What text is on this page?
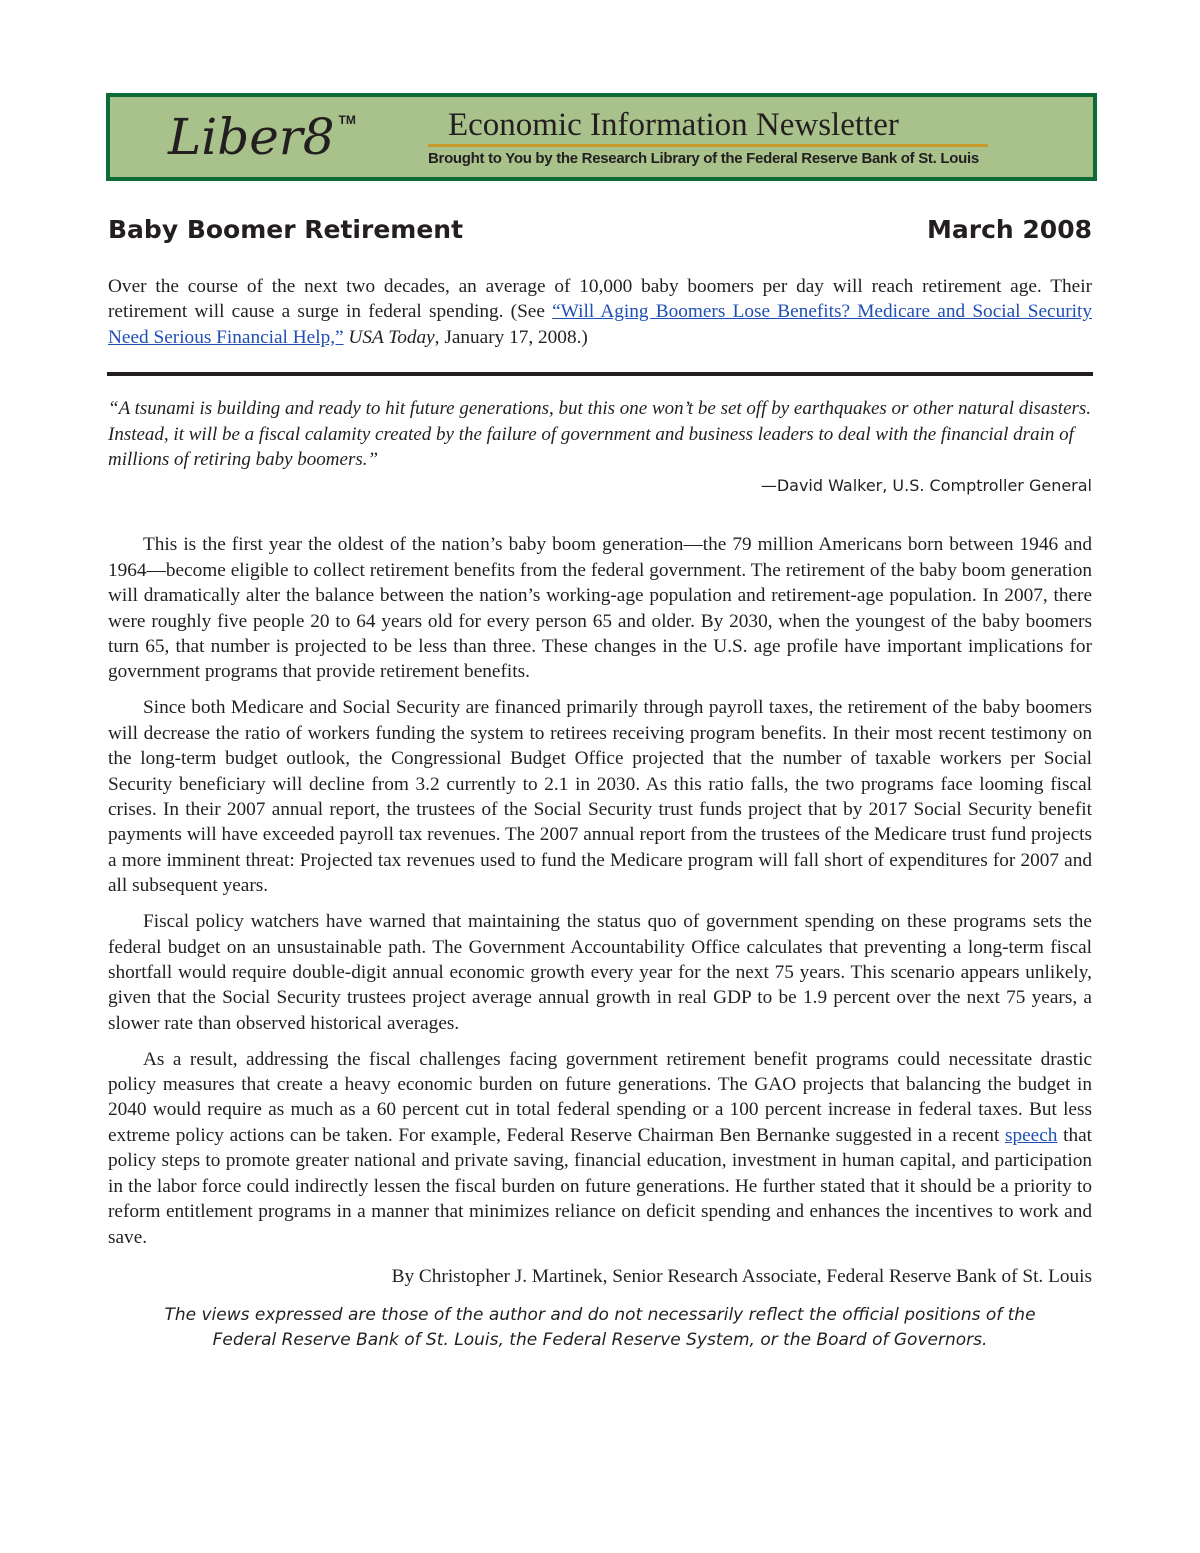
Liber8 TM	Economic Information Newsletter
Brought to You by the Research Library of the Federal Reserve Bank of St. Louis
Baby Boomer Retirement	March 2008
Over the course of the next two decades, an average of 10,000 baby boomers per day will reach retirement age. Their retirement will cause a surge in federal spending. (See “Will Aging Boomers Lose Benefits? Medicare and Social Security Need Serious Financial Help,” USA Today, January 17, 2008.)
“A tsunami is building and ready to hit future generations, but this one won’t be set off by earthquakes or other natural disasters. Instead, it will be a fiscal calamity created by the failure of government and business leaders to deal with the financial drain of millions of retiring baby boomers.”
—David Walker, U.S. Comptroller General

This is the first year the oldest of the nation’s baby boom generation—the 79 million Americans born between 1946 and 1964—become eligible to collect retirement benefits from the federal government. The retirement of the baby boom generation will dramatically alter the balance between the nation’s working-age population and retirement-age population. In 2007, there were roughly five people 20 to 64 years old for every person 65 and older. By 2030, when the youngest of the baby boomers turn 65, that number is projected to be less than three. These changes in the U.S. age profile have important implications for government programs that provide retirement benefits.

Since both Medicare and Social Security are financed primarily through payroll taxes, the retirement of the baby boomers will decrease the ratio of workers funding the system to retirees receiving program benefits. In their most recent testimony on the long-term budget outlook, the Congressional Budget Office projected that the number of taxable workers per Social Security beneficiary will decline from 3.2 currently to 2.1 in 2030. As this ratio falls, the two programs face looming fiscal crises. In their 2007 annual report, the trustees of the Social Security trust funds project that by 2017 Social Security benefit payments will have exceeded payroll tax revenues. The 2007 annual report from the trustees of the Medicare trust fund projects a more imminent threat: Projected tax revenues used to fund the Medicare program will fall short of expenditures for 2007 and all subsequent years.

Fiscal policy watchers have warned that maintaining the status quo of government spending on these programs sets the federal budget on an unsustainable path. The Government Accountability Office calculates that preventing a long-term fiscal shortfall would require double-digit annual economic growth every year for the next 75 years. This scenario appears unlikely, given that the Social Security trustees project average annual growth in real GDP to be 1.9 percent over the next 75 years, a slower rate than observed historical averages.

As a result, addressing the fiscal challenges facing government retirement benefit programs could necessitate drastic policy measures that create a heavy economic burden on future generations. The GAO projects that balancing the budget in 2040 would require as much as a 60 percent cut in total federal spending or a 100 percent increase in federal taxes. But less extreme policy actions can be taken. For example, Federal Reserve Chairman Ben Bernanke suggested in a recent speech that policy steps to promote greater national and private saving, financial education, investment in human capital, and participation in the labor force could indirectly lessen the fiscal burden on future generations. He further stated that it should be a priority to reform entitlement programs in a manner that minimizes reliance on deficit spending and enhances the incentives to work and save.

By Christopher J. Martinek, Senior Research Associate, Federal Reserve Bank of St. Louis
The views expressed are those of the author and do not necessarily reflect the official positions of the
Federal Reserve Bank of St. Louis, the Federal Reserve System, or the Board of Governors.
